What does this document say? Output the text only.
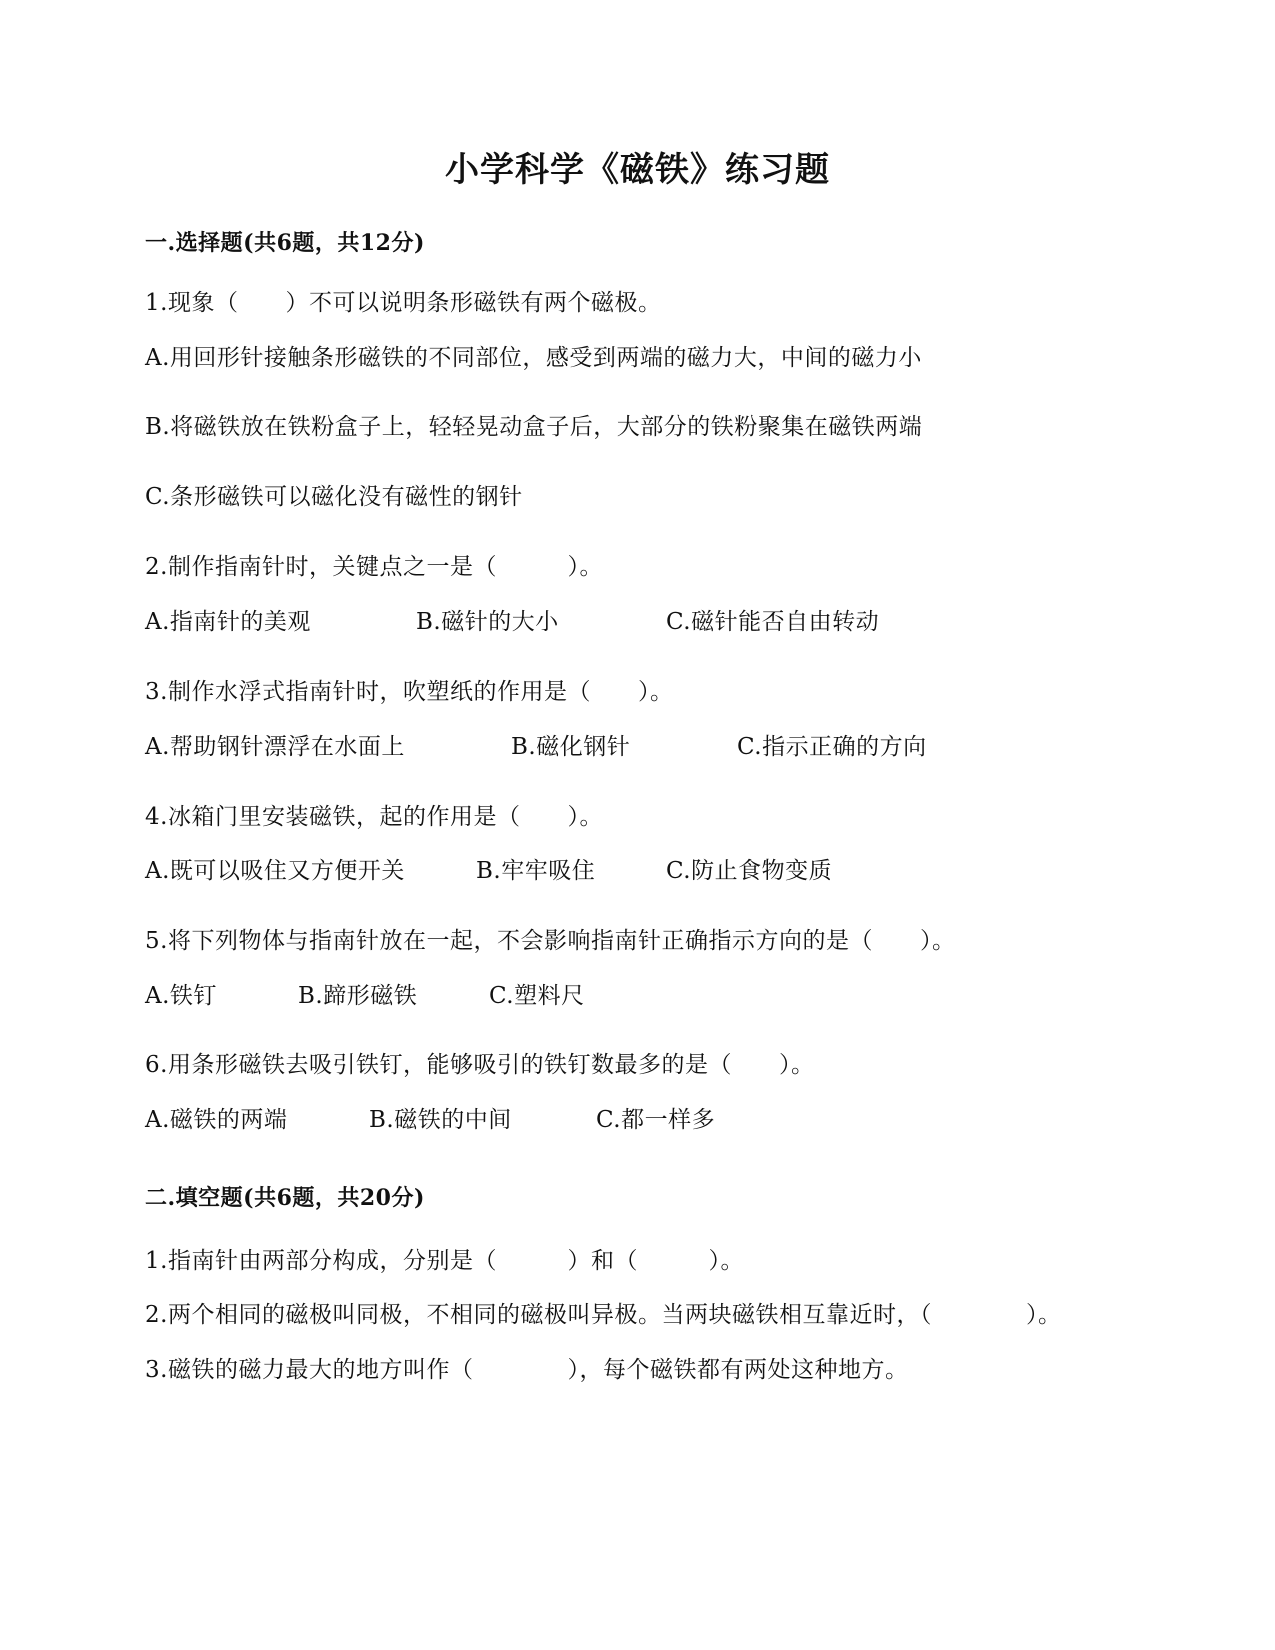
小学科学《磁铁》练习题
一.选择题(共6题，共12分)
1.现象（　　）不可以说明条形磁铁有两个磁极。
A.用回形针接触条形磁铁的不同部位，感受到两端的磁力大，中间的磁力小
B.将磁铁放在铁粉盒子上，轻轻晃动盒子后，大部分的铁粉聚集在磁铁两端
C.条形磁铁可以磁化没有磁性的钢针
2.制作指南针时，关键点之一是（　　　）。
A.指南针的美观	B.磁针的大小	C.磁针能否自由转动
3.制作水浮式指南针时，吹塑纸的作用是（　　）。
A.帮助钢针漂浮在水面上	B.磁化钢针	C.指示正确的方向
4.冰箱门里安装磁铁，起的作用是（　　）。
A.既可以吸住又方便开关	B.牢牢吸住	C.防止食物变质
5.将下列物体与指南针放在一起，不会影响指南针正确指示方向的是（　　）。
A.铁钉	B.蹄形磁铁	C.塑料尺
6.用条形磁铁去吸引铁钉，能够吸引的铁钉数最多的是（　　）。
A.磁铁的两端	B.磁铁的中间	C.都一样多
二.填空题(共6题，共20分)
1.指南针由两部分构成，分别是（　　　）和（　　　）。
2.两个相同的磁极叫同极，不相同的磁极叫异极。当两块磁铁相互靠近时，（　　　　）。
3.磁铁的磁力最大的地方叫作（　　　　），每个磁铁都有两处这种地方。
